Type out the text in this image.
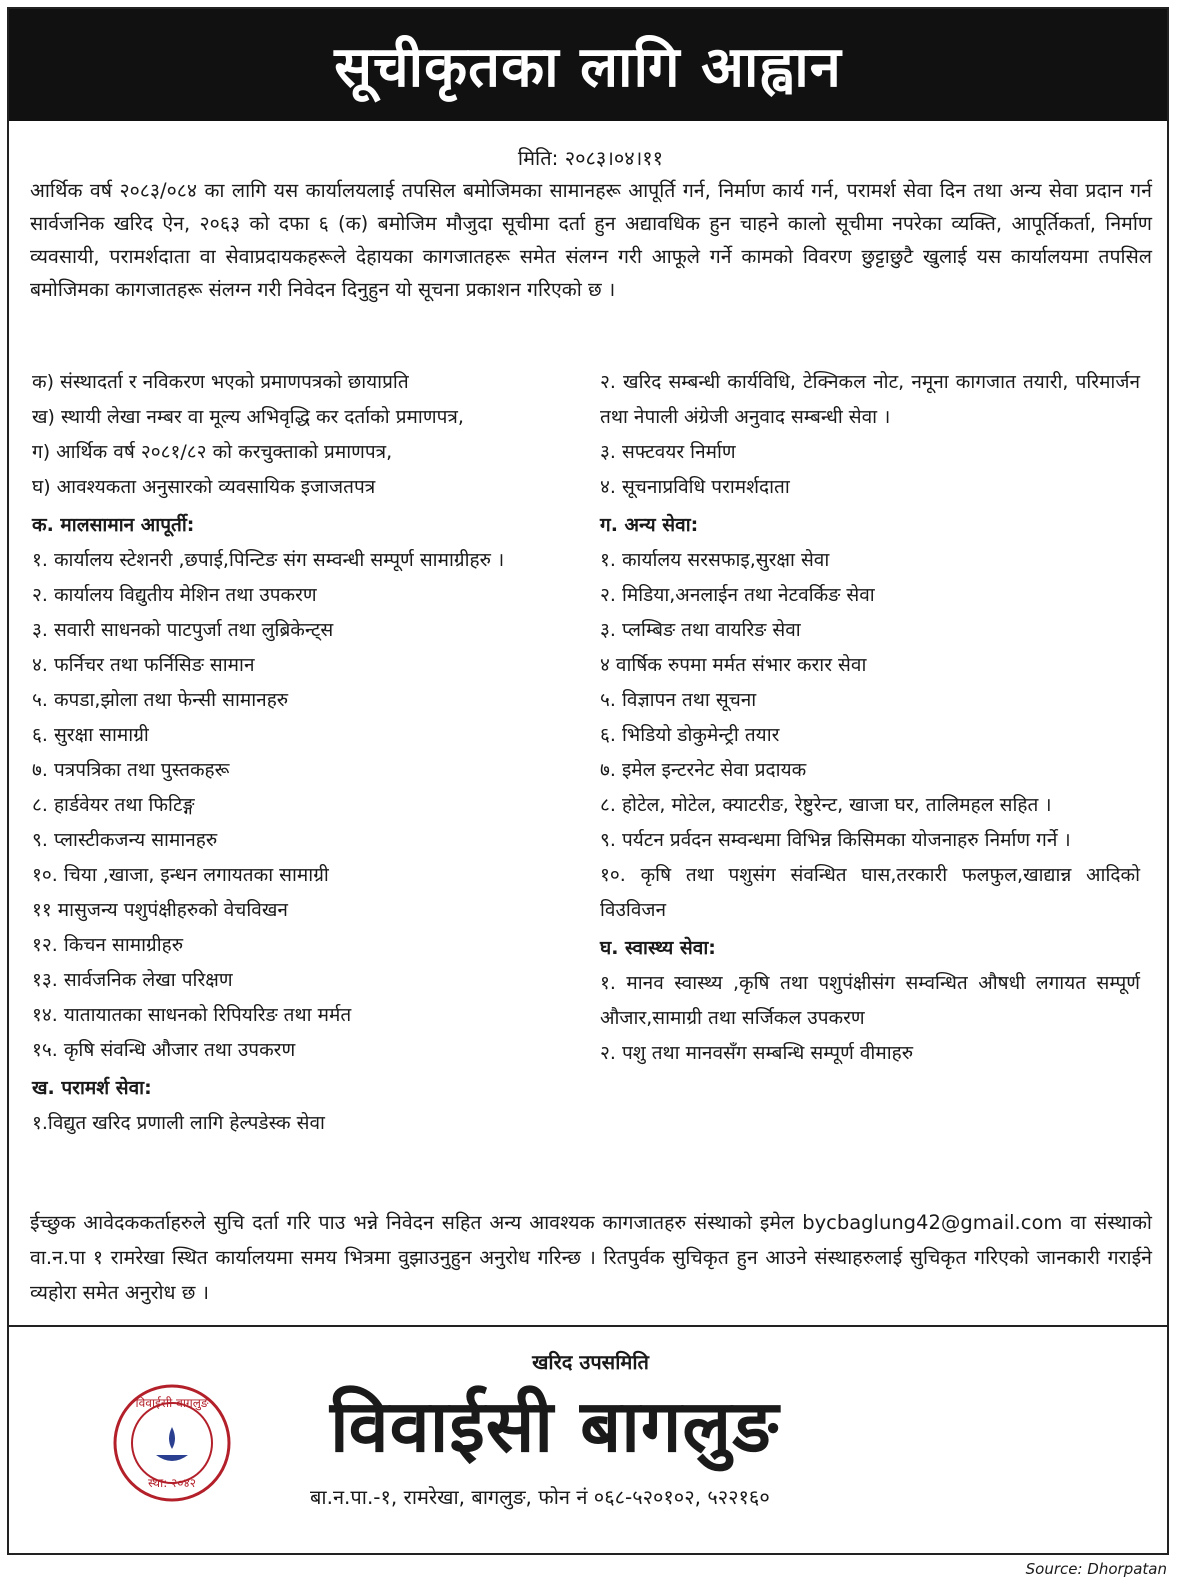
सूचीकृतका लागि आह्वान
मिति: २०८३।०४।११
आर्थिक वर्ष २०८३/०८४ का लागि यस कार्यालयलाई तपसिल बमोजिमका सामानहरू आपूर्ति गर्न, निर्माण कार्य गर्न, परामर्श सेवा दिन तथा अन्य सेवा प्रदान गर्न सार्वजनिक खरिद ऐन, २०६३ को दफा ६ (क) बमोजिम मौजुदा सूचीमा दर्ता हुन अद्यावधिक हुन चाहने कालो सूचीमा नपरेका व्यक्ति, आपूर्तिकर्ता, निर्माण व्यवसायी, परामर्शदाता वा सेवाप्रदायकहरूले देहायका कागजातहरू समेत संलग्न गरी आफूले गर्ने कामको विवरण छुट्टाछुटै खुलाई यस कार्यालयमा तपसिल बमोजिमका कागजातहरू संलग्न गरी निवेदन दिनुहुन यो सूचना प्रकाशन गरिएको छ ।
क) संस्थादर्ता र नविकरण भएको प्रमाणपत्रको छायाप्रति
ख) स्थायी लेखा नम्बर वा मूल्य अभिवृद्धि कर दर्ताको प्रमाणपत्र,
ग) आर्थिक वर्ष २०८१/८२ को करचुक्ताको प्रमाणपत्र,
घ) आवश्यकता अनुसारको व्यवसायिक इजाजतपत्र
क. मालसामान आपूर्ती:
१. कार्यालय स्टेशनरी ,छपाई,पिन्टिङ संग सम्वन्धी सम्पूर्ण सामाग्रीहरु ।
२. कार्यालय विद्युतीय मेशिन तथा उपकरण
३. सवारी साधनको पाटपुर्जा तथा लुब्रिकेन्ट्स
४. फर्निचर तथा फर्निसिङ सामान
५. कपडा,झोला तथा फेन्सी सामानहरु
६. सुरक्षा सामाग्री
७. पत्रपत्रिका तथा पुस्तकहरू
८. हार्डवेयर तथा फिटिङ्ग
९. प्लास्टीकजन्य सामानहरु
१०. चिया ,खाजा, इन्धन लगायतका सामाग्री
११ मासुजन्य पशुपंक्षीहरुको वेचविखन
१२. किचन सामाग्रीहरु
१३. सार्वजनिक लेखा परिक्षण
१४. यातायातका साधनको रिपियरिङ तथा मर्मत
१५. कृषि संवन्धि औजार तथा उपकरण
ख. परामर्श सेवा:
१.विद्युत खरिद प्रणाली लागि हेल्पडेस्क सेवा
२. खरिद सम्बन्धी कार्यविधि, टेक्निकल नोट, नमूना कागजात तयारी, परिमार्जन तथा नेपाली अंग्रेजी अनुवाद सम्बन्धी सेवा ।
३. सफ्टवयर निर्माण
४. सूचनाप्रविधि परामर्शदाता
ग. अन्य सेवा:
१. कार्यालय सरसफाइ,सुरक्षा सेवा
२. मिडिया,अनलाईन तथा नेटवर्किङ सेवा
३. प्लम्बिङ तथा वायरिङ सेवा
४ वार्षिक रुपमा मर्मत संभार करार सेवा
५. विज्ञापन तथा सूचना
६. भिडियो डोकुमेन्ट्री तयार
७. इमेल इन्टरनेट सेवा प्रदायक
८. होटेल, मोटेल, क्याटरीङ, रेष्टुरेन्ट, खाजा घर, तालिमहल सहित ।
९. पर्यटन प्रर्वदन सम्वन्धमा विभिन्न किसिमका योजनाहरु निर्माण गर्ने ।
१०. कृषि तथा पशुसंग संवन्धित घास,तरकारी फलफुल,खाद्यान्न आदिको विउविजन
घ. स्वास्थ्य सेवा:
१. मानव स्वास्थ्य ,कृषि तथा पशुपंक्षीसंग सम्वन्धित औषधी लगायत सम्पूर्ण औजार,सामाग्री तथा सर्जिकल उपकरण
२. पशु तथा मानवसँग सम्बन्धि सम्पूर्ण वीमाहरु
ईच्छुक आवेदककर्ताहरुले सुचि दर्ता गरि पाउ भन्ने निवेदन सहित अन्य आवश्यक कागजातहरु संस्थाको इमेल bycbaglung42@gmail.com वा संस्थाको वा.न.पा १ रामरेखा स्थित कार्यालयमा समय भित्रमा वुझाउनुहुन अनुरोध गरिन्छ । रितपुर्वक सुचिकृत हुन आउने संस्थाहरुलाई सुचिकृत गरिएको जानकारी गराईने व्यहोरा समेत अनुरोध छ ।
खरिद उपसमिति
विवाईसी बागलुङ
स्था: २०४२
विवाईसी बागलुङ
बा.न.पा.-१, रामरेखा, बागलुङ, फोन नं ०६८-५२०१०२, ५२२१६०
Source: Dhorpatan
